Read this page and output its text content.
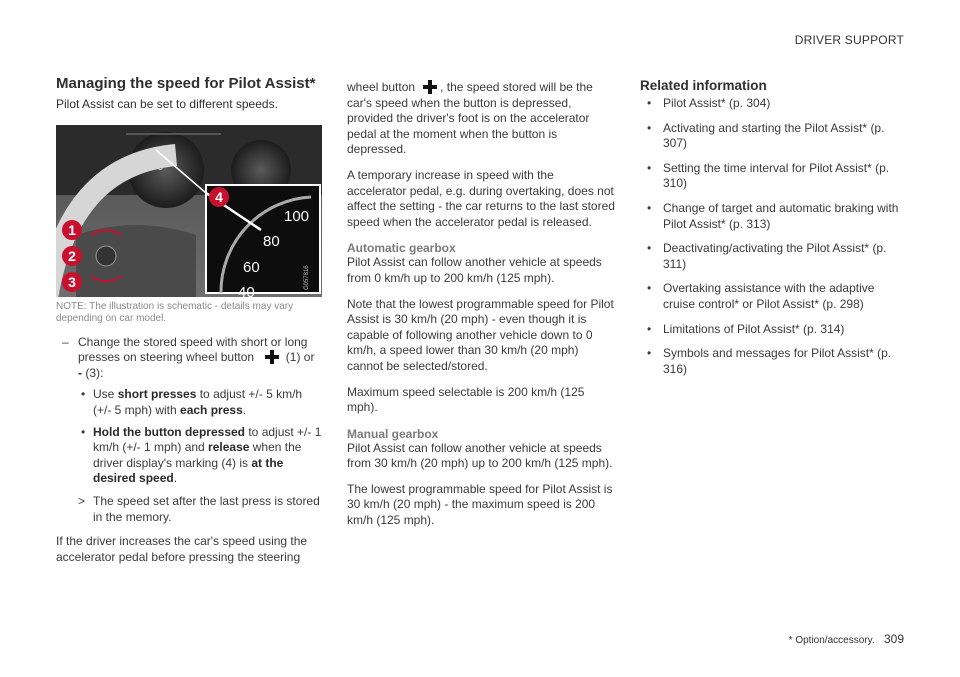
DRIVER SUPPORT
Managing the speed for Pilot Assist*
Pilot Assist can be set to different speeds.
76
100
80
60
40
G057816
1
2
3
4
NOTE: The illustration is schematic - details may vary depending on car model.
– Change the stored speed with short or long presses on steering wheel button	(1) or
- (3):
• Use short presses to adjust +/- 5 km/h (+/- 5 mph) with each press.
• Hold the button depressed to adjust +/- 1 km/h (+/- 1 mph) and release when the driver display's marking (4) is at the desired speed.
> The speed set after the last press is stored in the memory.
If the driver increases the car's speed using the accelerator pedal before pressing the steering

wheel button , the speed stored will be the car's speed when the button is depressed, provided the driver's foot is on the accelerator pedal at the moment when the button is depressed.

A temporary increase in speed with the accelerator pedal, e.g. during overtaking, does not affect the setting - the car returns to the last stored speed when the accelerator pedal is released.

Automatic gearbox

Pilot Assist can follow another vehicle at speeds from 0 km/h up to 200 km/h (125 mph).

Note that the lowest programmable speed for Pilot Assist is 30 km/h (20 mph) - even though it is capable of following another vehicle down to 0 km/h, a speed lower than 30 km/h (20 mph) cannot be selected/stored.

Maximum speed selectable is 200 km/h (125 mph).

Manual gearbox

Pilot Assist can follow another vehicle at speeds from 30 km/h (20 mph) up to 200 km/h (125 mph).

The lowest programmable speed for Pilot Assist is 30 km/h (20 mph) - the maximum speed is 200 km/h (125 mph).

Related information
• Pilot Assist* (p. 304)
• Activating and starting the Pilot Assist* (p. 307)
• Setting the time interval for Pilot Assist* (p. 310)
• Change of target and automatic braking with Pilot Assist* (p. 313)
• Deactivating/activating the Pilot Assist* (p. 311)
• Overtaking assistance with the adaptive cruise control* or Pilot Assist* (p. 298)
• Limitations of Pilot Assist* (p. 314)
• Symbols and messages for Pilot Assist* (p. 316)
* Option/accessory. 309
